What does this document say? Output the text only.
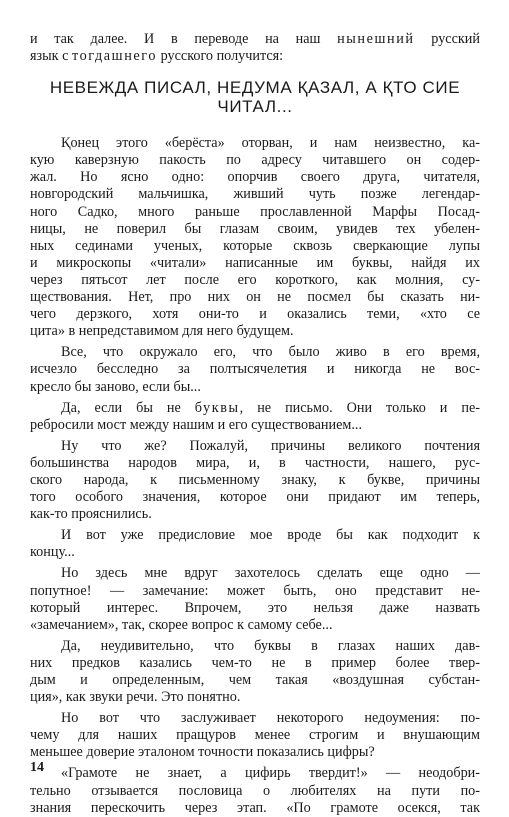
и так далее. И в переводе на наш нынешний русский
язык с тогдашнего русского получится:
НЕВЕЖДА ПИСАЛ, НЕДУМА ҚАЗАЛ, А ҚТО СИЕ
ЧИТАЛ...
Қонец этого «берёста» оторван, и нам неизвестно, ка-
кую каверзную пакость по адресу читавшего он содер-
жал. Но ясно одно: опорчив своего друга, читателя,
новгородский мальчишка, живший чуть позже легендар-
ного Садко, много раньше прославленной Марфы Посад-
ницы, не поверил бы глазам своим, увидев тех убелен-
ных сединами ученых, которые сквозь сверкающие лупы
и микроскопы «читали» написанные им буквы, найдя их
через пятьсот лет после его короткого, как молния, су-
ществования. Нет, про них он не посмел бы сказать ни-
чего дерзкого, хотя они-то и оказались теми, «хто се
цита» в непредставимом для него будущем.
Все, что окружало его, что было живо в его время,
исчезло бесследно за полтысячелетия и никогда не вос-
кресло бы заново, если бы...
Да, если бы не буквы, не письмо. Они только и пе-
ребросили мост между нашим и его существованием...
Ну что же? Пожалуй, причины великого почтения
большинства народов мира, и, в частности, нашего, рус-
ского народа, к письменному знаку, к букве, причины
того особого значения, которое они придают им теперь,
как-то прояснились.
И вот уже предисловие мое вроде бы как подходит к
концу...
Но здесь мне вдруг захотелось сделать еще одно —
попутное! — замечание: может быть, оно представит не-
который интерес. Впрочем, это нельзя даже назвать
«замечанием», так, скорее вопрос к самому себе...
Да, неудивительно, что буквы в глазах наших дав-
них предков казались чем-то не в пример более твер-
дым и определенным, чем такая «воздушная субстан-
ция», как звуки речи. Это понятно.
Но вот что заслуживает некоторого недоумения: по-
чему для наших пращуров менее строгим и внушающим
меньшее доверие эталоном точности показались цифры?
«Грамоте не знает, а цифирь твердит!» — неодобри-
тельно отзывается пословица о любителях на пути по-
знания перескочить через этап. «По грамоте осекся, так
14
